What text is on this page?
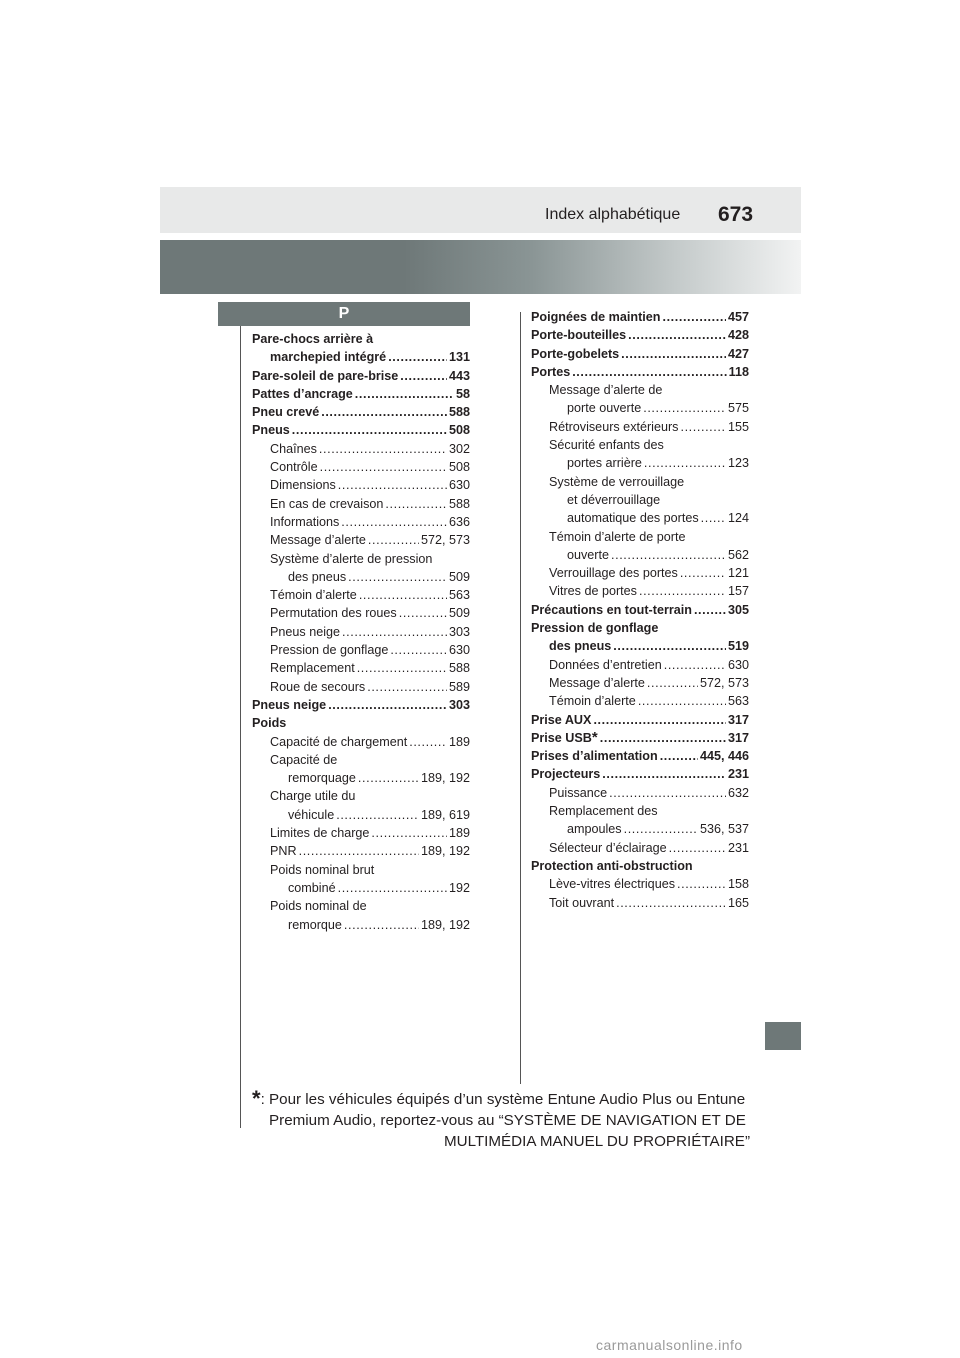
Index alphabétique 673
P
Pare-chocs arrière à
marchepied intégré .....	131
Pare-soleil de pare-brise .....	443
Pattes d’ancrage .....	58
Pneu crevé .....	588
Pneus .....	508
Chaînes .....	302
Contrôle .....	508
Dimensions .....	630
En cas de crevaison .....	588
Informations .....	636
Message d’alerte .....	572, 573
Système d’alerte de pression
des pneus .....	509
Témoin d’alerte .....	563
Permutation des roues .....	509
Pneus neige .....	303
Pression de gonflage .....	630
Remplacement .....	588
Roue de secours .....	589
Pneus neige .....	303
Poids
Capacité de chargement .....	189
Capacité de
remorquage .....	189, 192
Charge utile du
véhicule .....	189, 619
Limites de charge .....	189
PNR .....	189, 192
Poids nominal brut
combiné .....	192
Poids nominal de
remorque .....	189, 192
Poignées de maintien .....	457
Porte-bouteilles .....	428
Porte-gobelets .....	427
Portes .....	118
Message d’alerte de
porte ouverte .....	575
Rétroviseurs extérieurs .....	155
Sécurité enfants des
portes arrière .....	123
Système de verrouillage
et déverrouillage
automatique des portes ..... 124
Témoin d’alerte de porte
ouverte .....	562
Verrouillage des portes .....	121
Vitres de portes .....	157
Précautions en tout-terrain .....	305
Pression de gonflage
des pneus .....	519
Données d’entretien .....	630
Message d’alerte .....	572, 573
Témoin d’alerte .....	563
Prise AUX .....	317
Prise USB * .....	317
Prises d’alimentation .....	445, 446
Projecteurs .....	231
Puissance .....	632
Remplacement des
ampoules .....	536, 537
Sélecteur d’éclairage .....	231
Protection anti-obstruction
Lève-vitres électriques .....	158
Toit ouvrant .....	165
*: Pour les véhicules équipés d’un système Entune Audio Plus ou Entune
Premium Audio, reportez-vous au “SYSTÈME DE NAVIGATION ET DE
MULTIMÉDIA MANUEL DU PROPRIÉTAIRE”
carmanualsonline.info
